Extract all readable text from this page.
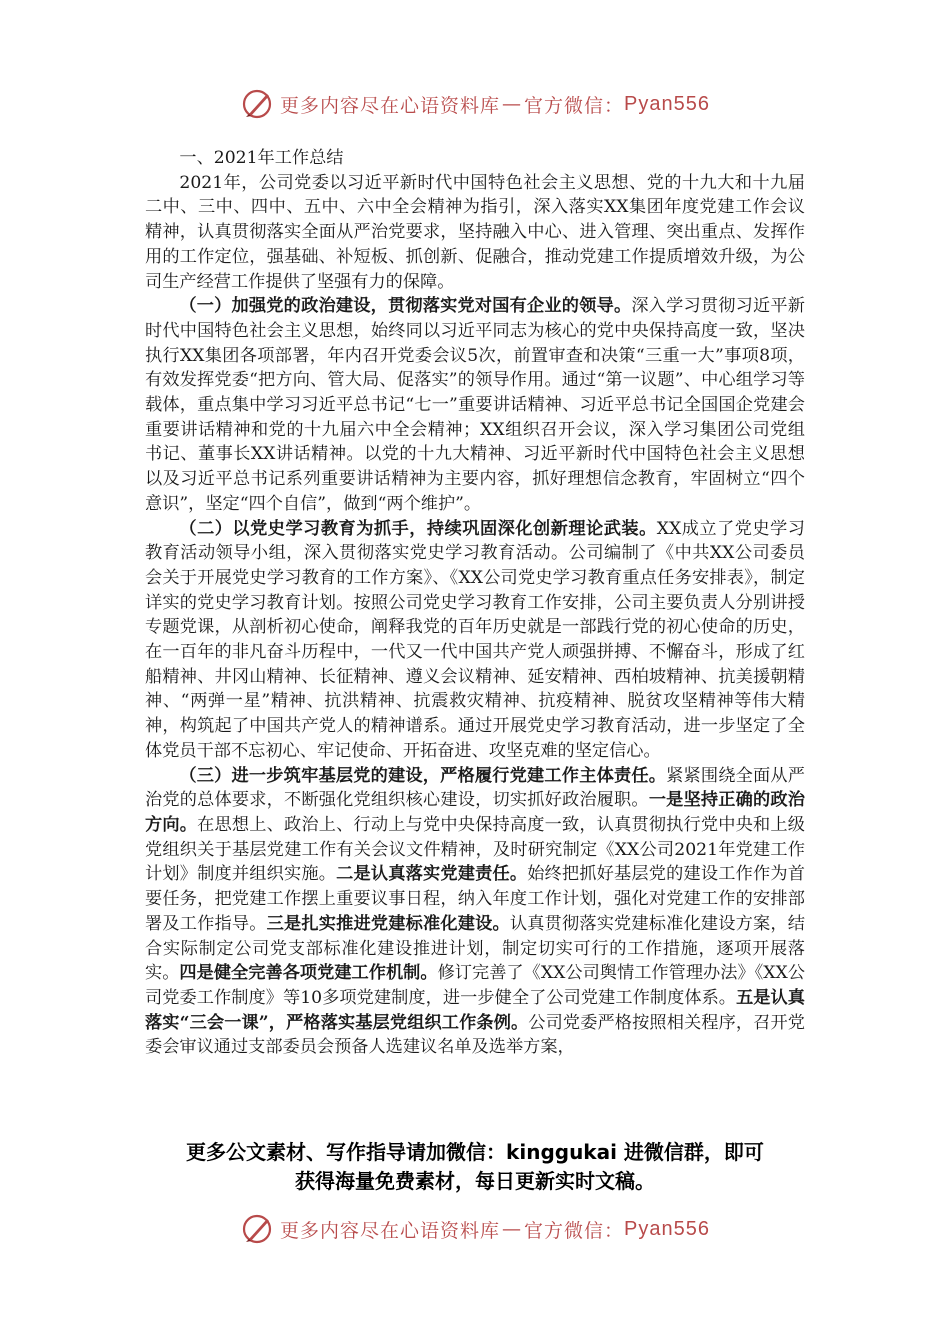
更多内容尽在心语资料库 — 官方微信： Pyan556

一、2021年工作总结

2021年，公司党委以习近平新时代中国特色社会主义思想、党的十九大和十九届二中、三中、四中、五中、六中全会精神为指引，深入落实XX集团年度党建工作会议精神，认真贯彻落实全面从严治党要求，坚持融入中心、进入管理、突出重点、发挥作用的工作定位，强基础、补短板、抓创新、促融合，推动党建工作提质增效升级，为公司生产经营工作提供了坚强有力的保障。

（一）加强党的政治建设，贯彻落实党对国有企业的领导。深入学习贯彻习近平新时代中国特色社会主义思想，始终同以习近平同志为核心的党中央保持高度一致，坚决执行XX集团各项部署，年内召开党委会议5次，前置审查和决策“三重一大”事项8项，有效发挥党委“把方向、管大局、促落实”的领导作用。通过“第一议题”、中心组学习等载体，重点集中学习习近平总书记“七一”重要讲话精神、习近平总书记全国国企党建会重要讲话精神和党的十九届六中全会精神；XX组织召开会议，深入学习集团公司党组书记、董事长XX讲话精神。以党的十九大精神、习近平新时代中国特色社会主义思想以及习近平总书记系列重要讲话精神为主要内容，抓好理想信念教育，牢固树立“四个意识”，坚定“四个自信”，做到“两个维护”。

（二）以党史学习教育为抓手，持续巩固深化创新理论武装。XX成立了党史学习教育活动领导小组，深入贯彻落实党史学习教育活动。公司编制了《中共XX公司委员会关于开展党史学习教育的工作方案》、《XX公司党史学习教育重点任务安排表》，制定详实的党史学习教育计划。按照公司党史学习教育工作安排，公司主要负责人分别讲授专题党课，从剖析初心使命，阐释我党的百年历史就是一部践行党的初心使命的历史，在一百年的非凡奋斗历程中，一代又一代中国共产党人顽强拼搏、不懈奋斗，形成了红船精神、井冈山精神、长征精神、遵义会议精神、延安精神、西柏坡精神、抗美援朝精神、“两弹一星”精神、抗洪精神、抗震救灾精神、抗疫精神、脱贫攻坚精神等伟大精神，构筑起了中国共产党人的精神谱系。通过开展党史学习教育活动，进一步坚定了全体党员干部不忘初心、牢记使命、开拓奋进、攻坚克难的坚定信心。

（三）进一步筑牢基层党的建设，严格履行党建工作主体责任。紧紧围绕全面从严治党的总体要求，不断强化党组织核心建设，切实抓好政治履职。一是坚持正确的政治方向。在思想上、政治上、行动上与党中央保持高度一致，认真贯彻执行党中央和上级党组织关于基层党建工作有关会议文件精神，及时研究制定《XX公司2021年党建工作计划》制度并组织实施。二是认真落实党建责任。始终把抓好基层党的建设工作作为首要任务，把党建工作摆上重要议事日程，纳入年度工作计划，强化对党建工作的安排部署及工作指导。三是扎实推进党建标准化建设。认真贯彻落实党建标准化建设方案，结合实际制定公司党支部标准化建设推进计划，制定切实可行的工作措施，逐项开展落实。四是健全完善各项党建工作机制。修订完善了《XX公司舆情工作管理办法》《XX公司党委工作制度》等10多项党建制度，进一步健全了公司党建工作制度体系。五是认真落实“三会一课”，严格落实基层党组织工作条例。公司党委严格按照相关程序，召开党委会审议通过支部委员会预备人选建议名单及选举方案，

更多公文素材、写作指导请加微信：kinggukai 进微信群，即可
获得海量免费素材，每日更新实时文稿。
更多内容尽在心语资料库 — 官方微信： Pyan556
